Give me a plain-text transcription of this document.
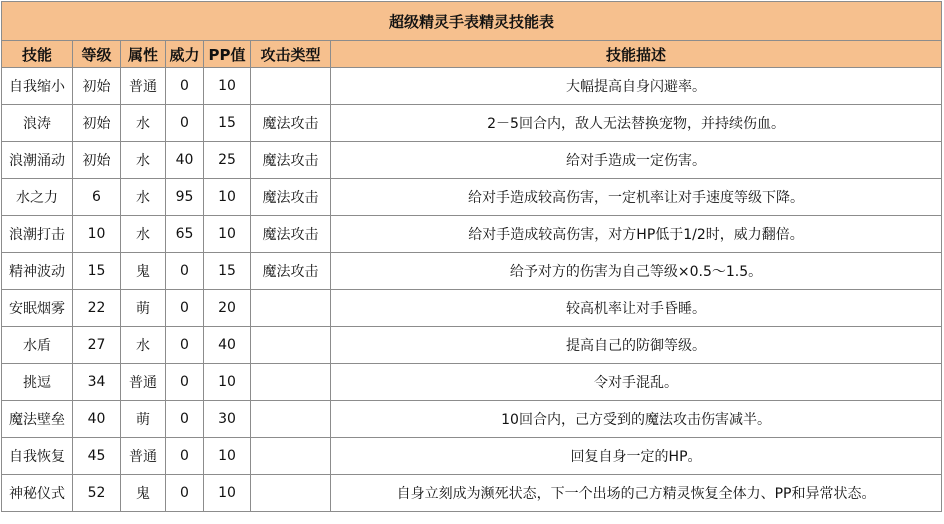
超级精灵手表精灵技能表						
技能	等级	属性	威力	PP值	攻击类型	技能描述
自我缩小	初始	普通	0	10		大幅提高自身闪避率。
浪涛	初始	水	0	15	魔法攻击	2－5回合内，敌人无法替换宠物，并持续伤血。
浪潮涌动	初始	水	40	25	魔法攻击	给对手造成一定伤害。
水之力	6	水	95	10	魔法攻击	给对手造成较高伤害，一定机率让对手速度等级下降。
浪潮打击	10	水	65	10	魔法攻击	给对手造成较高伤害，对方HP低于1/2时，威力翻倍。
精神波动	15	鬼	0	15	魔法攻击	给予对方的伤害为自己等级×0.5～1.5。
安眠烟雾	22	萌	0	20		较高机率让对手昏睡。
水盾	27	水	0	40		提高自己的防御等级。
挑逗	34	普通	0	10		令对手混乱。
魔法壁垒	40	萌	0	30		10回合内，己方受到的魔法攻击伤害减半。
自我恢复	45	普通	0	10		回复自身一定的HP。
神秘仪式	52	鬼	0	10		自身立刻成为濒死状态，下一个出场的己方精灵恢复全体力、PP和异常状态。
